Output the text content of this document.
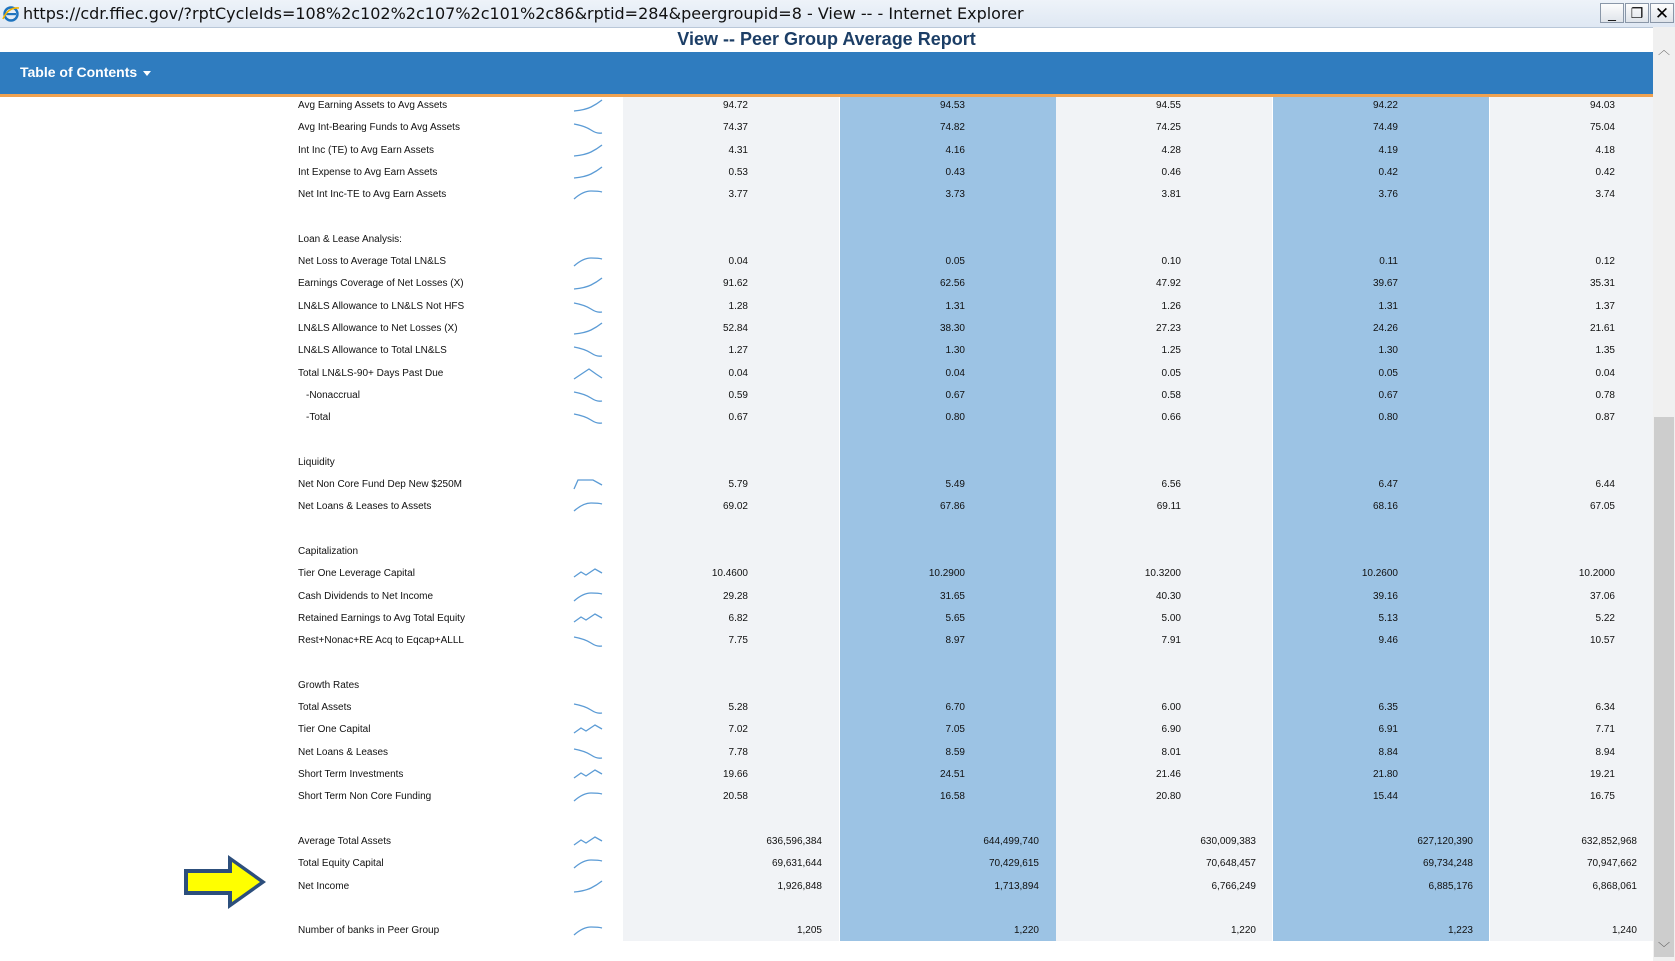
https://cdr.ffiec.gov/?rptCycleIds=108%2c102%2c107%2c101%2c86&rptid=284&peergroupid=8 - View -- - Internet Explorer	_	❐ ✕
View -- Peer Group Average Report
Table of Contents
Avg Earning Assets to Avg Assets	94.72	94.53	94.55	94.22	94.03
Avg Int-Bearing Funds to Avg Assets	74.37	74.82	74.25	74.49	75.04
Int Inc (TE) to Avg Earn Assets	4.31	4.16	4.28	4.19	4.18
Int Expense to Avg Earn Assets	0.53	0.43	0.46	0.42	0.42
Net Int Inc-TE to Avg Earn Assets	3.77	3.73	3.81	3.76	3.74
Loan & Lease Analysis:
Net Loss to Average Total LN&LS	0.04	0.05	0.10	0.11	0.12
Earnings Coverage of Net Losses (X)	91.62	62.56	47.92	39.67	35.31
LN&LS Allowance to LN&LS Not HFS	1.28	1.31	1.26	1.31	1.37
LN&LS Allowance to Net Losses (X)	52.84	38.30	27.23	24.26	21.61
LN&LS Allowance to Total LN&LS	1.27	1.30	1.25	1.30	1.35
Total LN&LS-90+ Days Past Due	0.04	0.04	0.05	0.05	0.04
-Nonaccrual	0.59	0.67	0.58	0.67	0.78
-Total	0.67	0.80	0.66	0.80	0.87
Liquidity
Net Non Core Fund Dep New $250M	5.79	5.49	6.56	6.47	6.44
Net Loans & Leases to Assets	69.02	67.86	69.11	68.16	67.05
Capitalization
Tier One Leverage Capital	10.4600	10.2900	10.3200	10.2600	10.2000
Cash Dividends to Net Income	29.28	31.65	40.30	39.16	37.06
Retained Earnings to Avg Total Equity	6.82	5.65	5.00	5.13	5.22
Rest+Nonac+RE Acq to Eqcap+ALLL	7.75	8.97	7.91	9.46	10.57
Growth Rates
Total Assets	5.28	6.70	6.00	6.35	6.34
Tier One Capital	7.02	7.05	6.90	6.91	7.71
Net Loans & Leases	7.78	8.59	8.01	8.84	8.94
Short Term Investments	19.66	24.51	21.46	21.80	19.21
Short Term Non Core Funding	20.58	16.58	20.80	15.44	16.75
Average Total Assets	636,596,384	644,499,740	630,009,383	627,120,390	632,852,968
Total Equity Capital	69,631,644	70,429,615	70,648,457	69,734,248	70,947,662
Net Income	1,926,848	1,713,894	6,766,249	6,885,176	6,868,061
Number of banks in Peer Group	1,205	1,220	1,220	1,223	1,240
︿
﹀
